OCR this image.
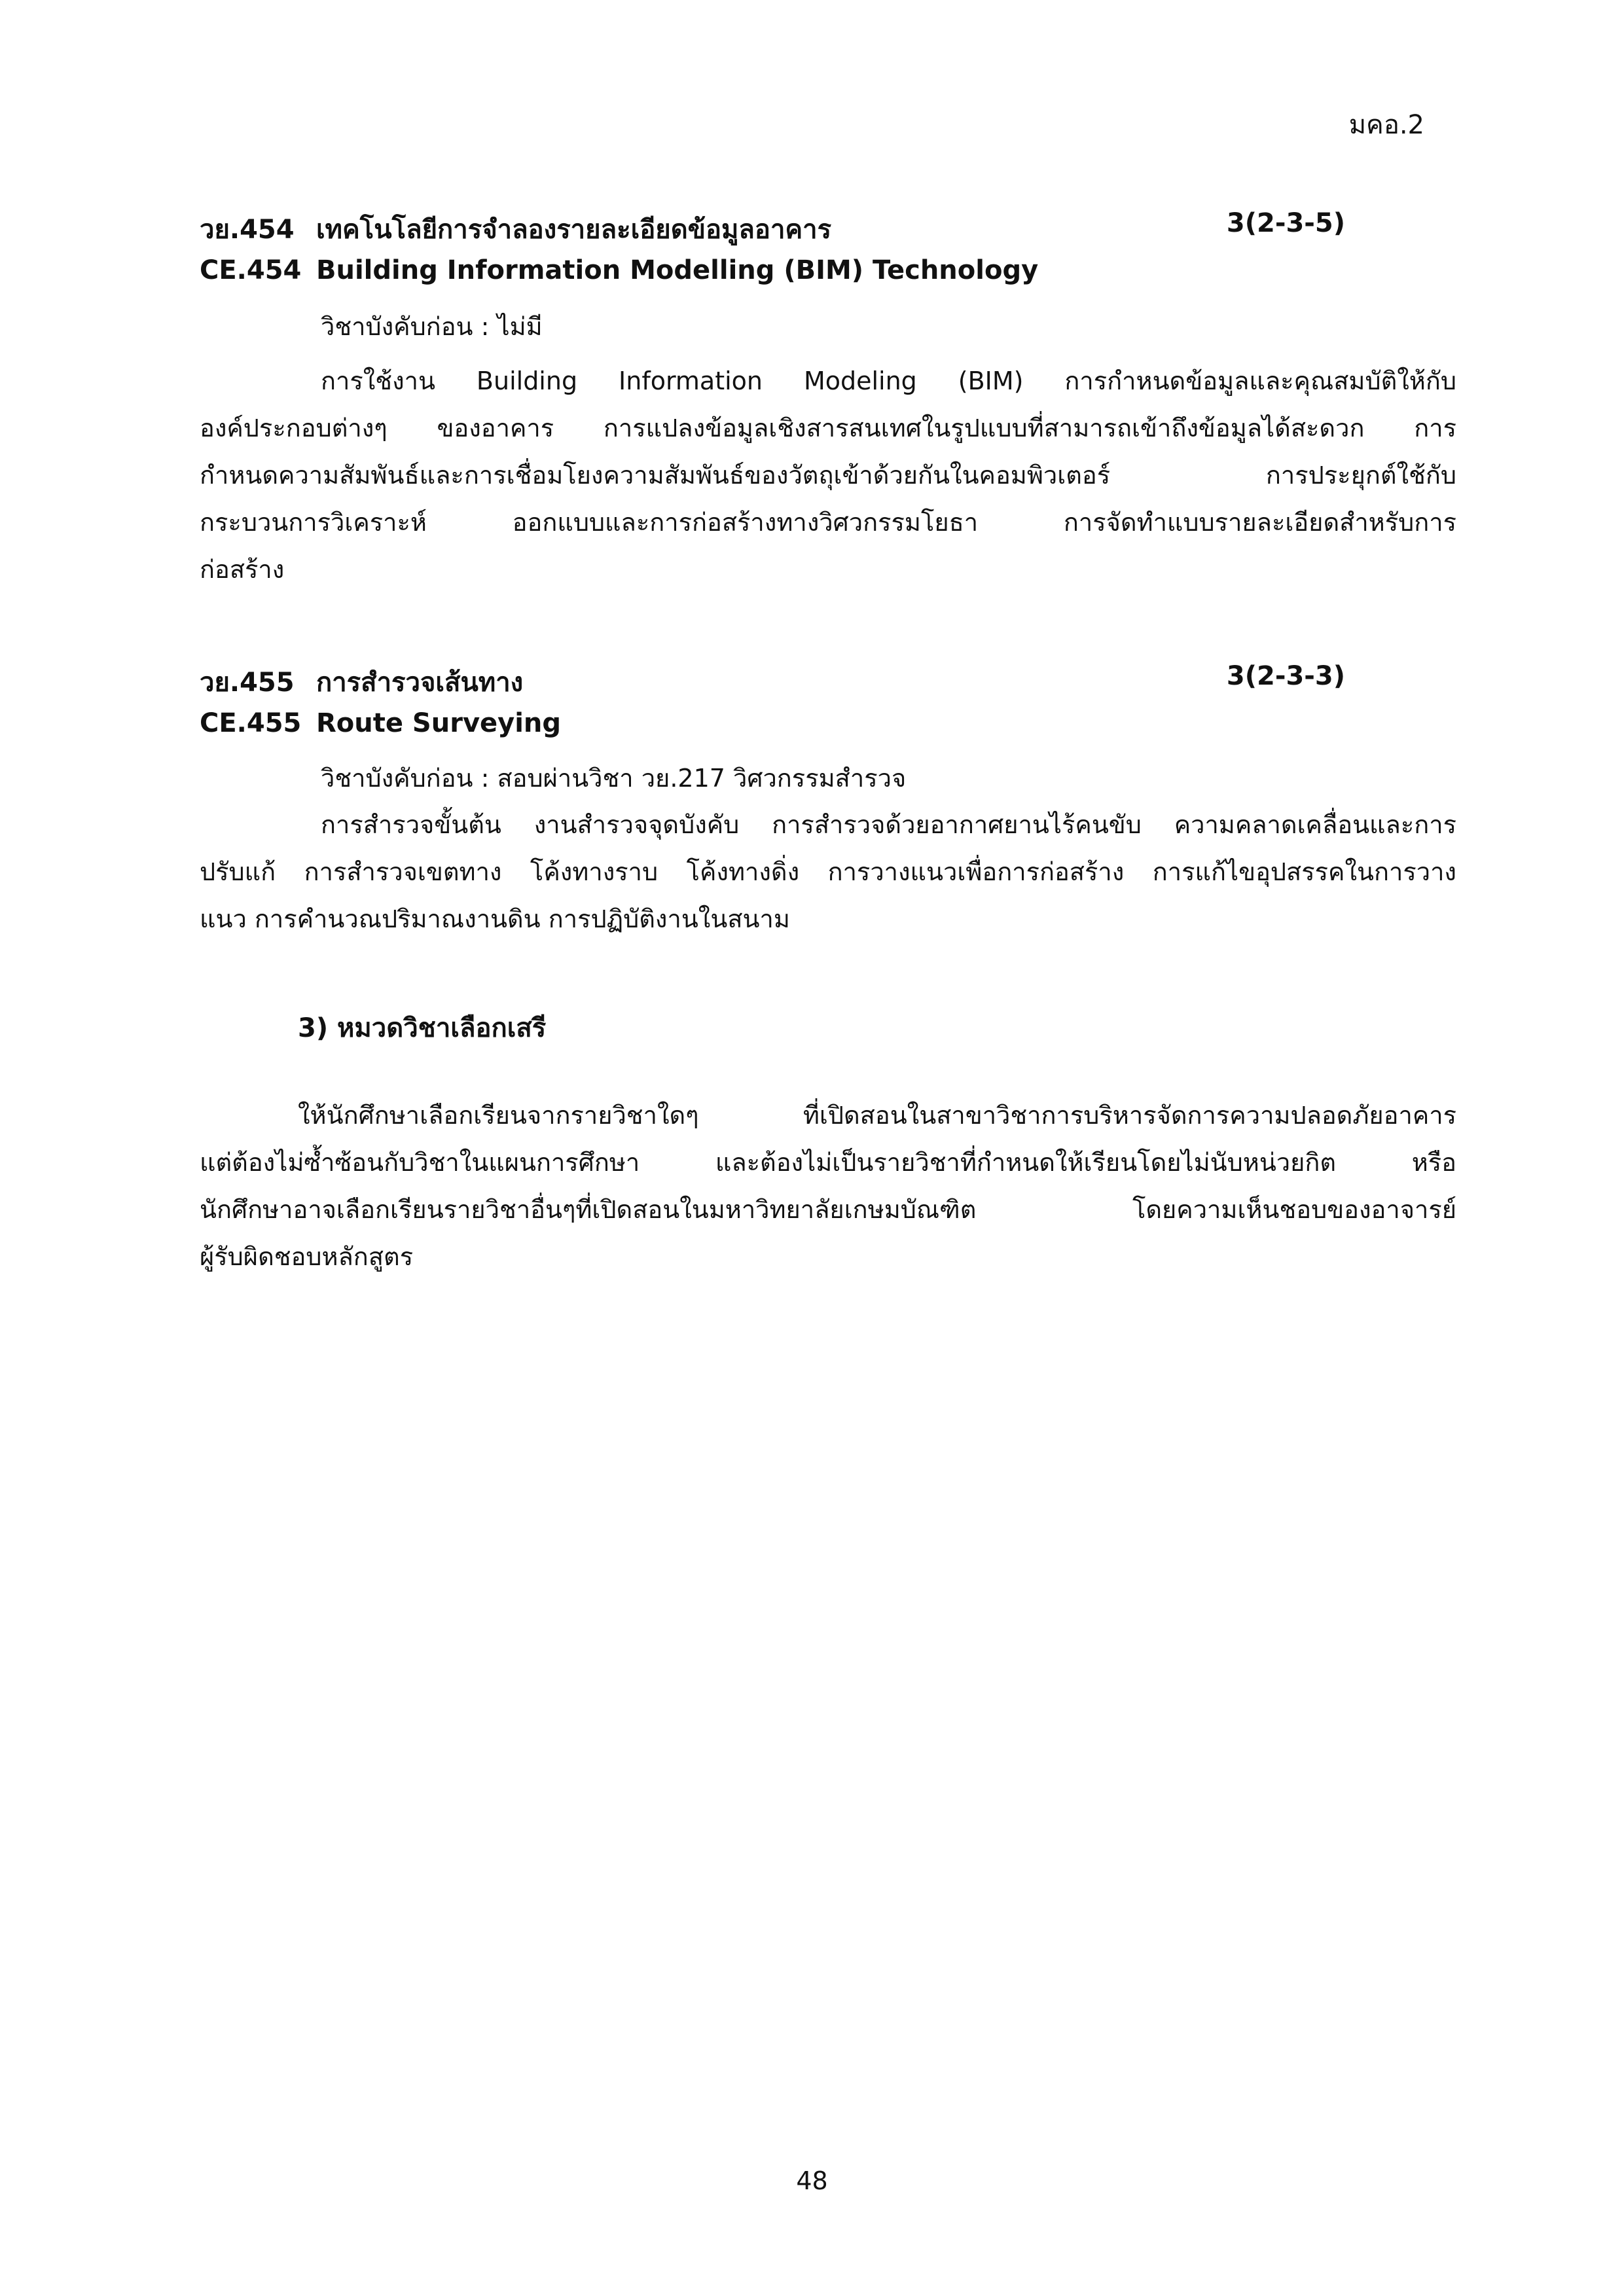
มคอ.2
วย.454 เทคโนโลยีการจำลองรายละเอียดข้อมูลอาคาร	3(2-3-5)
CE.454 Building Information Modelling (BIM) Technology
วิชาบังคับก่อน : ไม่มี
การใช้งาน Building Information Modeling (BIM) การกำหนดข้อมูลและคุณสมบัติให้กับ
องค์ประกอบต่างๆ ของอาคาร การแปลงข้อมูลเชิงสารสนเทศในรูปแบบที่สามารถเข้าถึงข้อมูลได้สะดวก การ
กำหนดความสัมพันธ์และการเชื่อมโยงความสัมพันธ์ของวัตถุเข้าด้วยกันในคอมพิวเตอร์ การประยุกต์ใช้กับ
กระบวนการวิเคราะห์ ออกแบบและการก่อสร้างทางวิศวกรรมโยธา การจัดทำแบบรายละเอียดสำหรับการ
ก่อสร้าง
วย.455 การสำรวจเส้นทาง	3(2-3-3)
CE.455 Route Surveying
วิชาบังคับก่อน : สอบผ่านวิชา วย.217 วิศวกรรมสำรวจ
การสำรวจขั้นต้น งานสำรวจจุดบังคับ การสำรวจด้วยอากาศยานไร้คนขับ ความคลาดเคลื่อนและการ
ปรับแก้ การสำรวจเขตทาง โค้งทางราบ โค้งทางดิ่ง การวางแนวเพื่อการก่อสร้าง การแก้ไขอุปสรรคในการวาง
แนว การคำนวณปริมาณงานดิน การปฏิบัติงานในสนาม
3) หมวดวิชาเลือกเสรี
ให้นักศึกษาเลือกเรียนจากรายวิชาใดๆ ที่เปิดสอนในสาขาวิชาการบริหารจัดการความปลอดภัยอาคาร
แต่ต้องไม่ซ้ำซ้อนกับวิชาในแผนการศึกษา และต้องไม่เป็นรายวิชาที่กำหนดให้เรียนโดยไม่นับหน่วยกิต หรือ
นักศึกษาอาจเลือกเรียนรายวิชาอื่นๆที่เปิดสอนในมหาวิทยาลัยเกษมบัณฑิต โดยความเห็นชอบของอาจารย์
ผู้รับผิดชอบหลักสูตร
48
